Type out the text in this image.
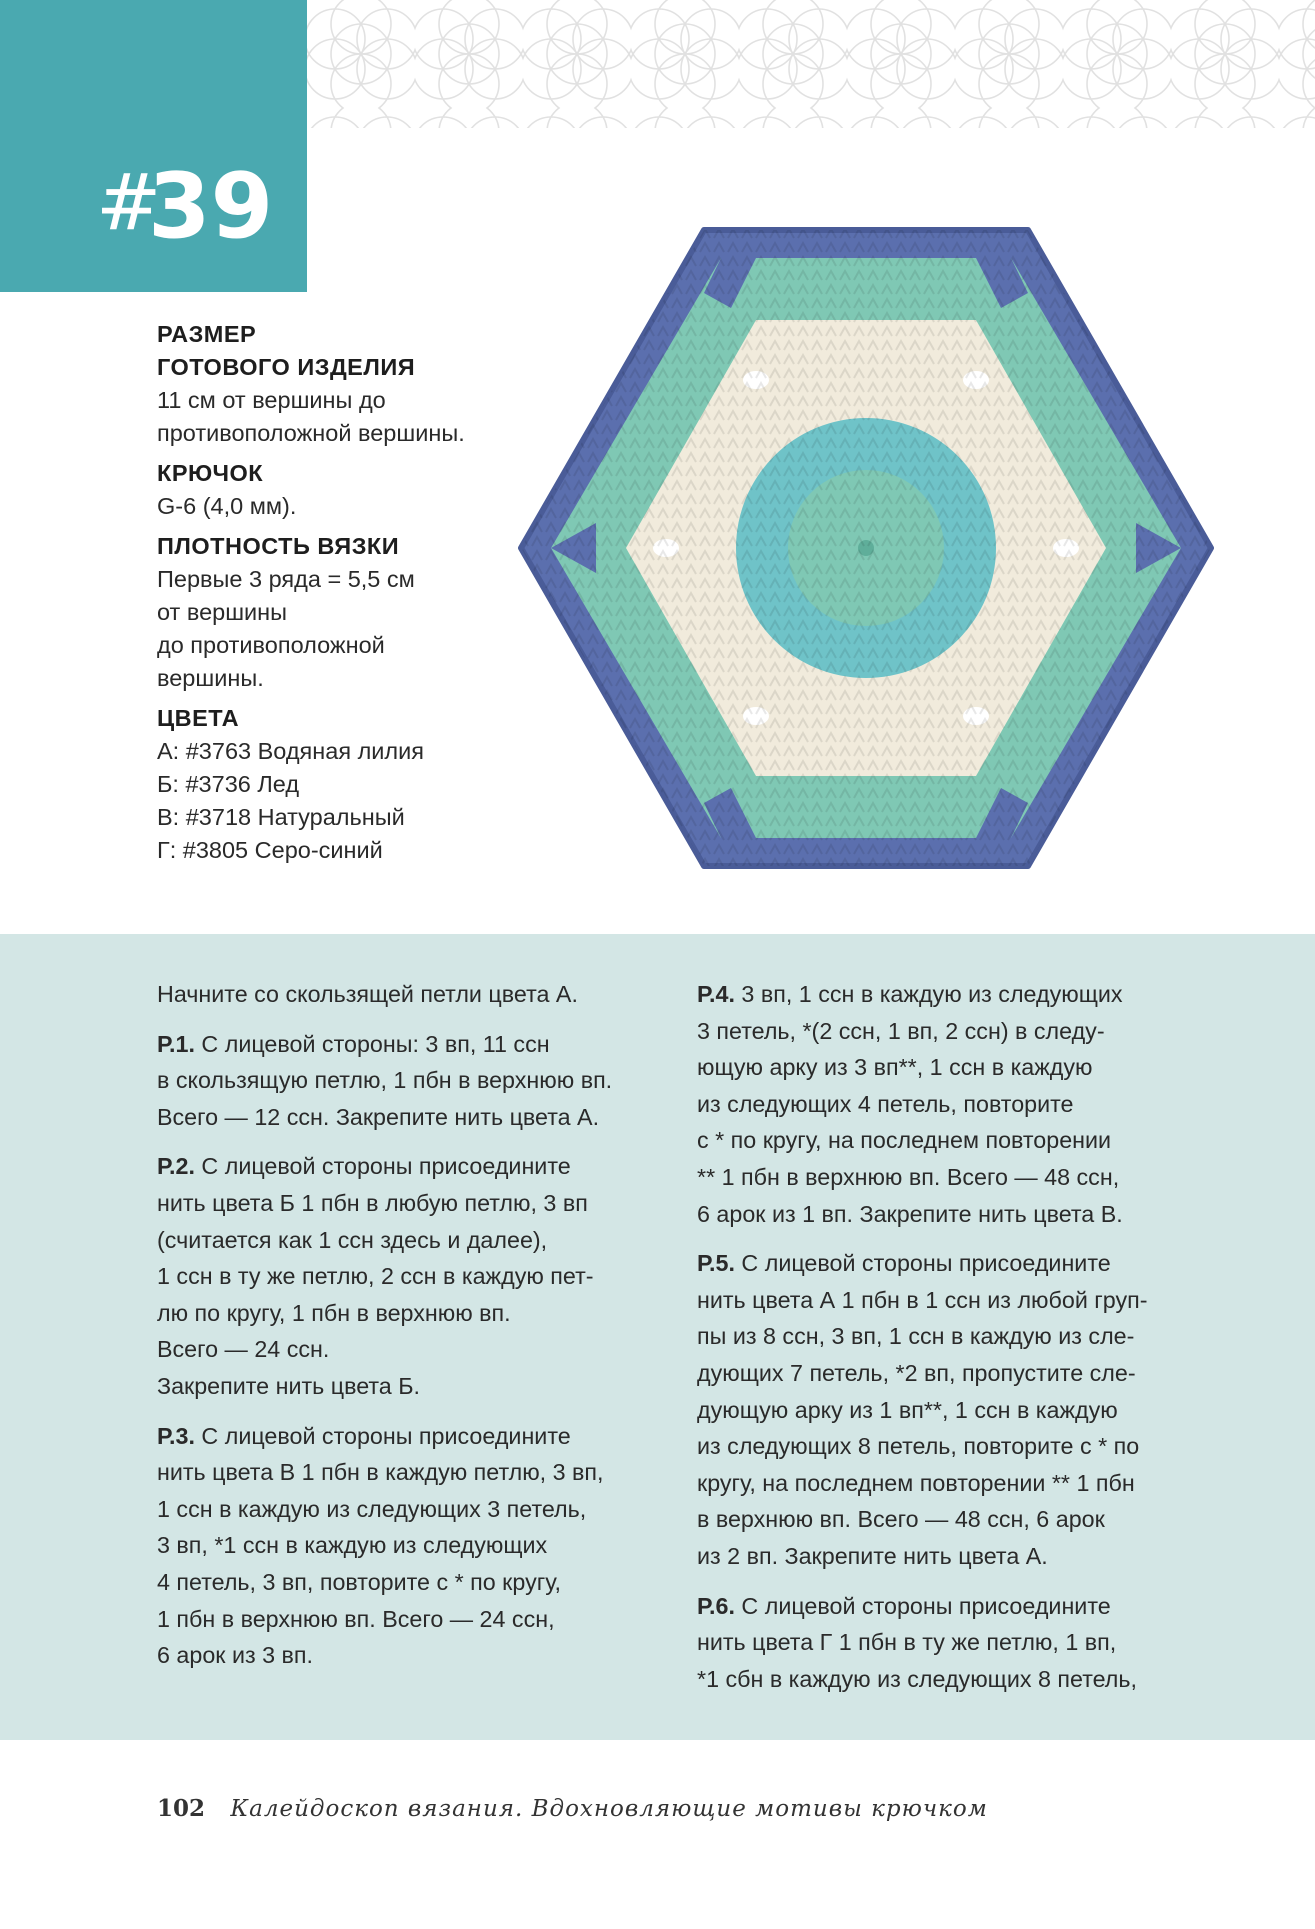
#
39
РАЗМЕР
ГОТОВОГО ИЗДЕЛИЯ
11 см от вершины до
противоположной вершины.
КРЮЧОК
G-6 (4,0 мм).
ПЛОТНОСТЬ ВЯЗКИ
Первые 3 ряда = 5,5 см
от вершины
до противоположной
вершины.
ЦВЕТА
А: #3763 Водяная лилия
Б: #3736 Лед
В: #3718 Натуральный
Г: #3805 Серо-синий

Начните со скользящей петли цвета А.

Р.1. С лицевой стороны: 3 вп, 11 ссн
в скользящую петлю, 1 пбн в верхнюю вп.
Всего — 12 ссн. Закрепите нить цвета А.

Р.2. С лицевой стороны присоедините
нить цвета Б 1 пбн в любую петлю, 3 вп
(считается как 1 ссн здесь и далее),
1 ссн в ту же петлю, 2 ссн в каждую пет-
лю по кругу, 1 пбн в верхнюю вп.
Всего — 24 ссн.
Закрепите нить цвета Б.

Р.3. С лицевой стороны присоедините
нить цвета В 1 пбн в каждую петлю, 3 вп,
1 ссн в каждую из следующих 3 петель,
3 вп, *1 ссн в каждую из следующих
4 петель, 3 вп, повторите с * по кругу,
1 пбн в верхнюю вп. Всего — 24 ссн,
6 арок из 3 вп.

Р.4. 3 вп, 1 ссн в каждую из следующих
3 петель, *(2 ссн, 1 вп, 2 ссн) в следу-
ющую арку из 3 вп**, 1 ссн в каждую
из следующих 4 петель, повторите
с * по кругу, на последнем повторении
** 1 пбн в верхнюю вп. Всего — 48 ссн,
6 арок из 1 вп. Закрепите нить цвета В.

Р.5. С лицевой стороны присоедините
нить цвета А 1 пбн в 1 ссн из любой груп-
пы из 8 ссн, 3 вп, 1 ссн в каждую из сле-
дующих 7 петель, *2 вп, пропустите сле-
дующую арку из 1 вп**, 1 ссн в каждую
из следующих 8 петель, повторите с * по
кругу, на последнем повторении ** 1 пбн
в верхнюю вп. Всего — 48 ссн, 6 арок
из 2 вп. Закрепите нить цвета А.

Р.6. С лицевой стороны присоедините
нить цвета Г 1 пбн в ту же петлю, 1 вп,
*1 сбн в каждую из следующих 8 петель,

102 Калейдоскоп вязания. Вдохновляющие мотивы крючком
